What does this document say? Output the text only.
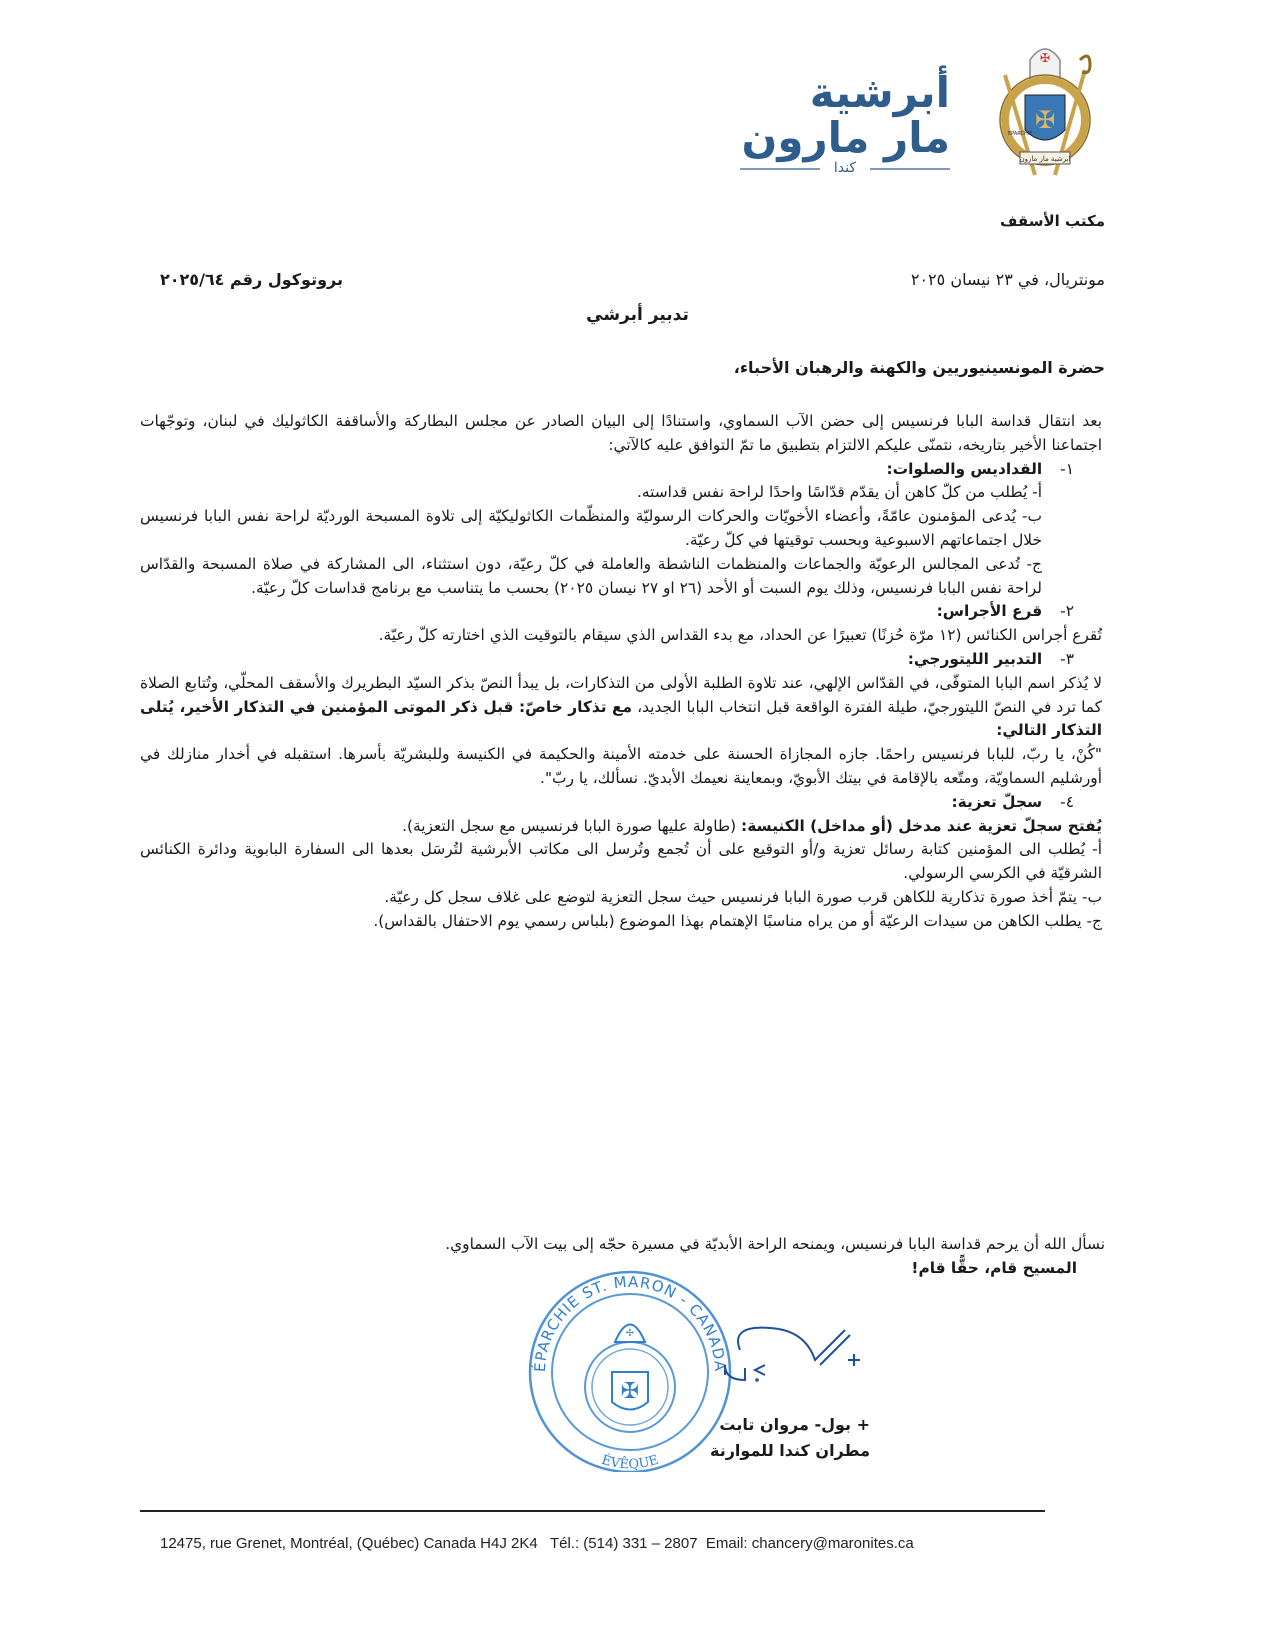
✠
✠
ابرشية مار مارون
EPARCHIE
أبرشية
مار مارون
كندا
مكتب الأسقف
مونتريال، في ٢٣ نيسان ٢٠٢٥
بروتوكول رقم ٢٠٢٥/٦٤
تدبير أبرشي
حضرة المونسينيوريين والكهنة والرهبان الأحباء،

بعد انتقال قداسة البابا فرنسيس إلى حضن الآب السماوي، واستنادًا إلى البيان الصادر عن مجلس البطاركة والأساقفة الكاثوليك في لبنان، وتوجّهات اجتماعنا الأخير بتاريخه، نتمنّى عليكم الالتزام بتطبيق ما تمّ التوافق عليه كالآتي:

١-القداديس والصلوات:

أ- يُطلب من كلّ كاهن أن يقدّم قدّاسًا واحدًا لراحة نفس قداسته.

ب- يُدعى المؤمنون عامّةً، وأعضاء الأخويّات والحركات الرسوليّة والمنظّمات الكاثوليكيّة إلى تلاوة المسبحة الورديّة لراحة نفس البابا فرنسيس خلال اجتماعاتهم الاسبوعية وبحسب توقيتها في كلّ رعيّة.

ج- تُدعى المجالس الرعويّة والجماعات والمنظمات الناشطة والعاملة في كلّ رعيّة، دون استثناء، الى المشاركة في صلاة المسبحة والقدّاس لراحة نفس البابا فرنسيس، وذلك يوم السبت أو الأحد (٢٦ او ٢٧ نيسان ٢٠٢٥) بحسب ما يتناسب مع برنامج قداسات كلّ رعيّة.

٢-قرع الأجراس:

تُقرع أجراس الكنائس (١٢ مرّة حُزنًا) تعبيرًا عن الحداد، مع بدء القداس الذي سيقام بالتوقيت الذي اختارته كلّ رعيّة.

٣-التدبير الليتورجي:

لا يُذكر اسم البابا المتوفّى، في القدّاس الإلهي، عند تلاوة الطلبة الأولى من التذكارات، بل يبدأ النصّ بذكر السيّد البطريرك والأسقف المحلّي، وتُتابع الصلاة كما ترد في النصّ الليتورجيّ، طيلة الفترة الواقعة قبل انتخاب البابا الجديد، مع تذكار خاصّ: قبل ذكر الموتى المؤمنين في التذكار الأخير، يُتلى التذكار التالي:

"كُنْ، يا ربّ، للبابا فرنسيس راحمًا. جازه المجازاة الحسنة على خدمته الأمينة والحكيمة في الكنيسة وللبشريّة بأسرها. استقبله في أخدار منازلك في أورشليم السماويّة، ومتّعه بالإقامة في بيتك الأبويّ، وبمعاينة نعيمك الأبديّ. نسألك، يا ربّ".

٤-سجلّ تعزية:

يُفتح سجلّ تعزية عند مدخل (أو مداخل) الكنيسة: (طاولة عليها صورة البابا فرنسيس مع سجل التعزية).

أ- يُطلب الى المؤمنين كتابة رسائل تعزية و/أو التوقيع على أن تُجمع وتُرسل الى مكاتب الأبرشية لتُرسَل بعدها الى السفارة البابوية ودائرة الكنائس الشرقيّة في الكرسي الرسولي.

ب- يتمّ أخذ صورة تذكارية للكاهن قرب صورة البابا فرنسيس حيث سجل التعزية لتوضع على غلاف سجل كل رعيّة.

ج- يطلب الكاهن من سيدات الرعيّة أو من يراه مناسبًا الإهتمام بهذا الموضوع (بلباس رسمي يوم الاحتفال بالقداس).

نسأل الله أن يرحم قداسة البابا فرنسيس، ويمنحه الراحة الأبديّة في مسيرة حجّه إلى بيت الآب السماوي.
المسيح قام، حقًّا قام!
✠
✢
ÉPARCHIE ST. MARON - CANADA
ÉVÊQUE
+ بول- مروان تابت
مطران كندا للموارنة
12475, rue Grenet, Montréal, (Québec) Canada H4J 2K4 Tél.: (514) 331 – 2807 Email: chancery@maronites.ca
